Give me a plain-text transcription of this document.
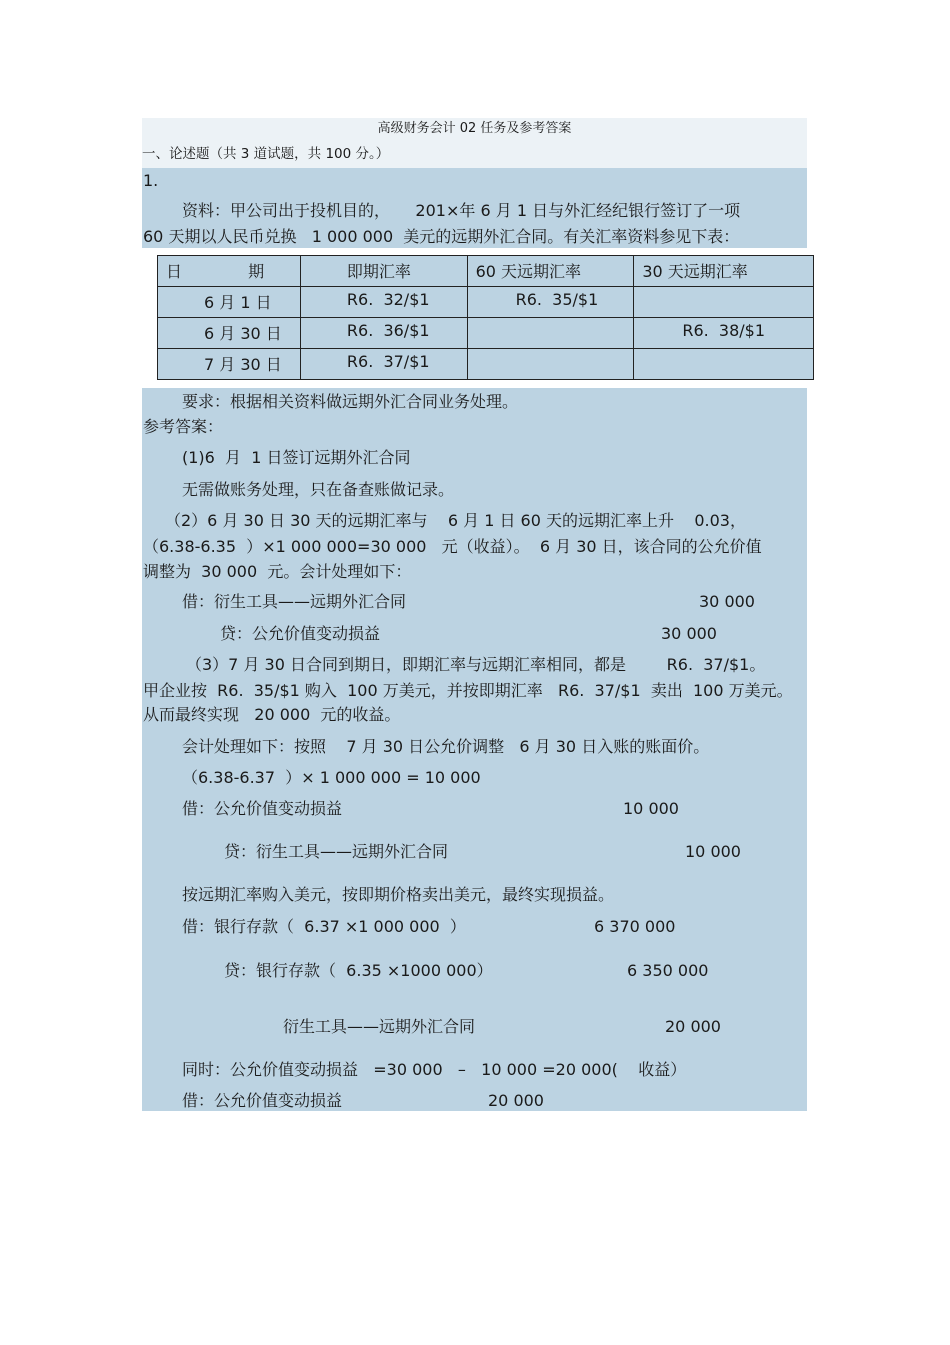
高级财务会计 02 任务及参考答案
一、论述题（共 3 道试题，共 100 分。）
1.
资料：甲公司出于投机目的，     201×年 6 月 1 日与外汇经纪银行签订了一项
60 天期以人民币兑换   1 000 000  美元的远期外汇合同。有关汇率资料参见下表：
日             期	即期汇率	60 天远期汇率	30 天远期汇率
6 月 1 日	R6.  32/$1	R6.  35/$1	
6 月 30 日	R6.  36/$1		R6.  38/$1
7 月 30 日	R6.  37/$1		
要求：根据相关资料做远期外汇合同业务处理。
参考答案：
(1)6  月  1 日签订远期外汇合同
无需做账务处理，只在备查账做记录。
（2）6 月 30 日 30 天的远期汇率与    6 月 1 日 60 天的远期汇率上升    0.03，
（6.38-6.35  ）×1 000 000=30 000   元（收益）。  6 月 30 日，该合同的公允价值
调整为  30 000  元。会计处理如下：
借：衍生工具——远期外汇合同	30 000
贷：公允价值变动损益	30 000
（3）7 月 30 日合同到期日，即期汇率与远期汇率相同，都是        R6.  37/$1。
甲企业按  R6.  35/$1 购入  100 万美元，并按即期汇率   R6.  37/$1  卖出  100 万美元。
从而最终实现   20 000  元的收益。
会计处理如下：按照    7 月 30 日公允价调整   6 月 30 日入账的账面价。
（6.38-6.37  ）× 1 000 000 = 10 000
借：公允价值变动损益	10 000
贷：衍生工具——远期外汇合同	10 000
按远期汇率购入美元，按即期价格卖出美元，最终实现损益。
借：银行存款（  6.37 ×1 000 000  ）	6 370 000
贷：银行存款（  6.35 ×1000 000）	6 350 000
衍生工具——远期外汇合同	20 000
同时：公允价值变动损益   =30 000   –   10 000 =20 000(    收益）
借：公允价值变动损益	20 000
